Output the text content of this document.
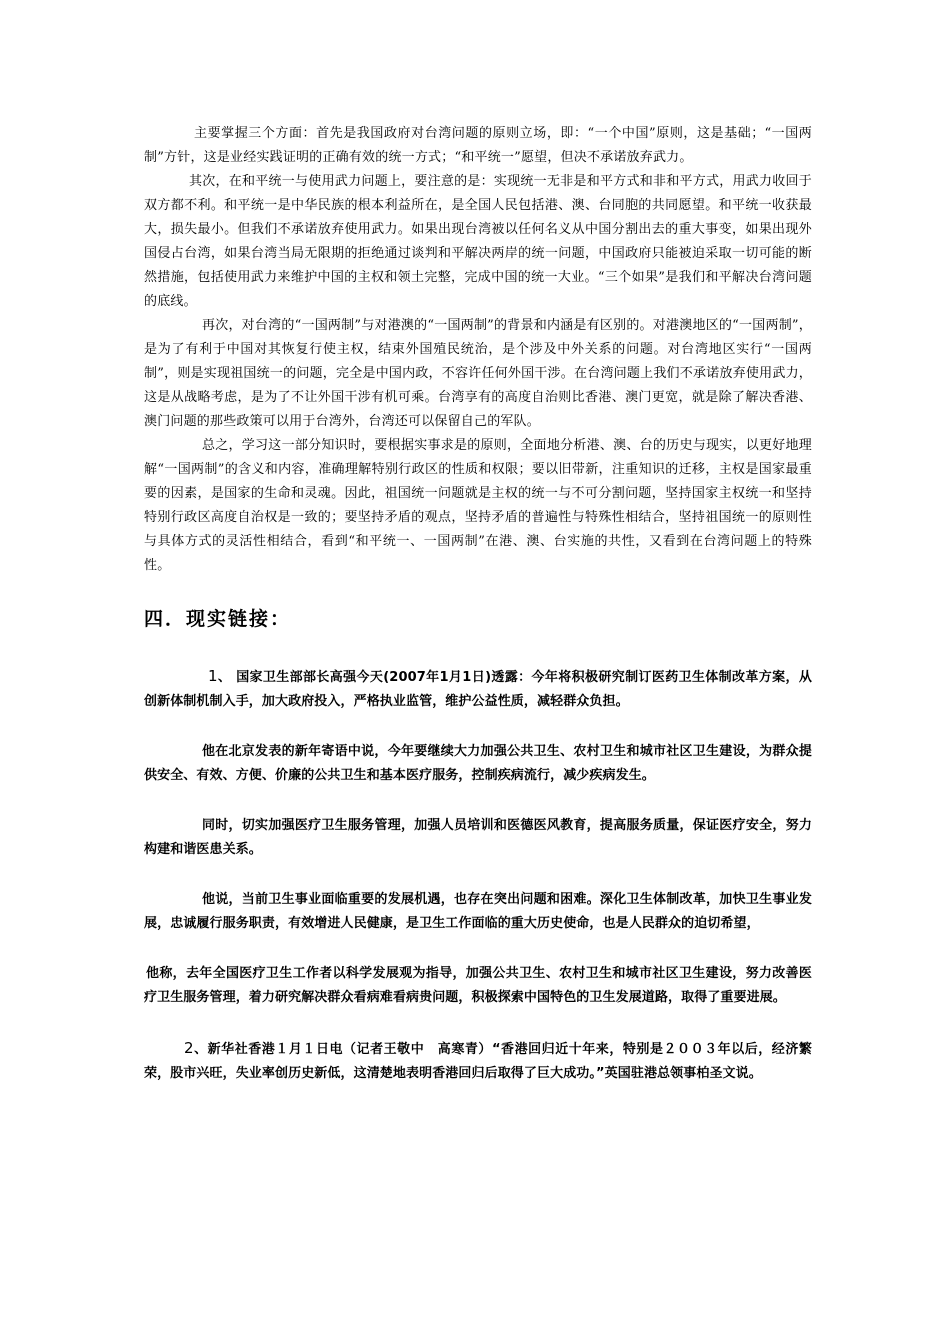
主要掌握三个方面：首先是我国政府对台湾问题的原则立场，即：“一个中国”原则，这是基础；“一国两制”方针，这是业经实践证明的正确有效的统一方式；“和平统一”愿望，但决不承诺放弃武力。

其次，在和平统一与使用武力问题上，要注意的是：实现统一无非是和平方式和非和平方式，用武力收回于双方都不利。和平统一是中华民族的根本利益所在，是全国人民包括港、澳、台同胞的共同愿望。和平统一收获最大，损失最小。但我们不承诺放弃使用武力。如果出现台湾被以任何名义从中国分割出去的重大事变，如果出现外国侵占台湾，如果台湾当局无限期的拒绝通过谈判和平解决两岸的统一问题，中国政府只能被迫采取一切可能的断然措施，包括使用武力来维护中国的主权和领土完整，完成中国的统一大业。“三个如果”是我们和平解决台湾问题的底线。

再次，对台湾的“一国两制”与对港澳的“一国两制”的背景和内涵是有区别的。对港澳地区的“一国两制”，是为了有利于中国对其恢复行使主权，结束外国殖民统治，是个涉及中外关系的问题。对台湾地区实行“一国两制”，则是实现祖国统一的问题，完全是中国内政，不容许任何外国干涉。在台湾问题上我们不承诺放弃使用武力，这是从战略考虑，是为了不让外国干涉有机可乘。台湾享有的高度自治则比香港、澳门更宽，就是除了解决香港、澳门问题的那些政策可以用于台湾外，台湾还可以保留自己的军队。

总之，学习这一部分知识时，要根据实事求是的原则，全面地分析港、澳、台的历史与现实，以更好地理解“一国两制”的含义和内容，准确理解特别行政区的性质和权限；要以旧带新，注重知识的迁移，主权是国家最重要的因素，是国家的生命和灵魂。因此，祖国统一问题就是主权的统一与不可分割问题，坚持国家主权统一和坚持特别行政区高度自治权是一致的；要坚持矛盾的观点，坚持矛盾的普遍性与特殊性相结合，坚持祖国统一的原则性与具体方式的灵活性相结合，看到“和平统一、一国两制”在港、澳、台实施的共性，又看到在台湾问题上的特殊性。

四．现实链接：

1、 国家卫生部部长高强今天(2007年1月1日)透露：今年将积极研究制订医药卫生体制改革方案，从创新体制机制入手，加大政府投入，严格执业监管，维护公益性质，减轻群众负担。

他在北京发表的新年寄语中说，今年要继续大力加强公共卫生、农村卫生和城市社区卫生建设，为群众提供安全、有效、方便、价廉的公共卫生和基本医疗服务，控制疾病流行，减少疾病发生。

同时，切实加强医疗卫生服务管理，加强人员培训和医德医风教育，提高服务质量，保证医疗安全，努力构建和谐医患关系。

他说，当前卫生事业面临重要的发展机遇，也存在突出问题和困难。深化卫生体制改革，加快卫生事业发展，忠诚履行服务职责，有效增进人民健康，是卫生工作面临的重大历史使命，也是人民群众的迫切希望，

他称，去年全国医疗卫生工作者以科学发展观为指导，加强公共卫生、农村卫生和城市社区卫生建设，努力改善医疗卫生服务管理，着力研究解决群众看病难看病贵问题，积极探索中国特色的卫生发展道路，取得了重要进展。

2、新华社香港１月１日电（记者王敬中　高寒青）“香港回归近十年来，特别是２００３年以后，经济繁荣，股市兴旺，失业率创历史新低，这清楚地表明香港回归后取得了巨大成功。”英国驻港总领事柏圣文说。
